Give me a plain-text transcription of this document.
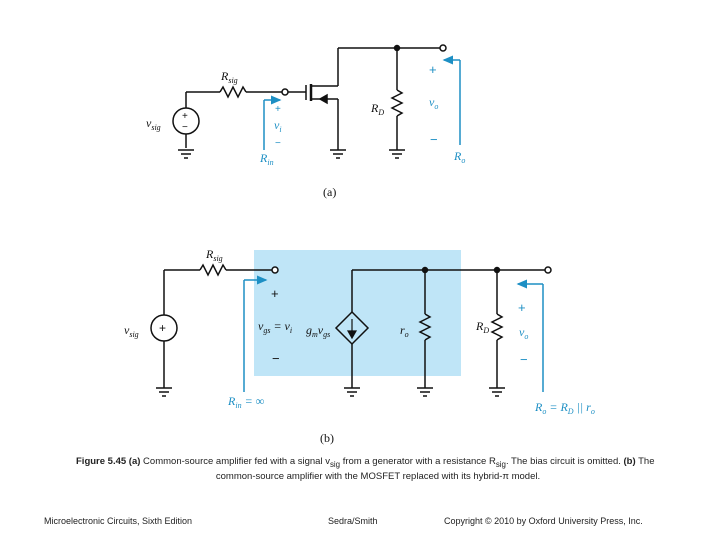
+
−
$R_{sig}$
$v_{sig}$
+
$v_i$
−
$R_{in}$
$R_D$
+
$v_o$
−
$R_o$
(a)
+
$R_{sig}$
$v_{sig}$
+
$v_{gs} = v_i$
−
$g_mv_{gs}$	$r_o$
$R_D$
+
$v_o$
−
$R_{in}$ = ∞	$R_o = R_D$ || $r_o$
(b)
Figure 5.45 (a) Common-source amplifier fed with a signal $v_{sig}$ from a generator with a resistance $R_{sig}$. The bias circuit is omitted. (b) The
common-source amplifier with the MOSFET replaced with its hybrid-π model.
Microelectronic Circuits, Sixth Edition	Sedra/Smith	Copyright © 2010 by Oxford University Press, Inc.
